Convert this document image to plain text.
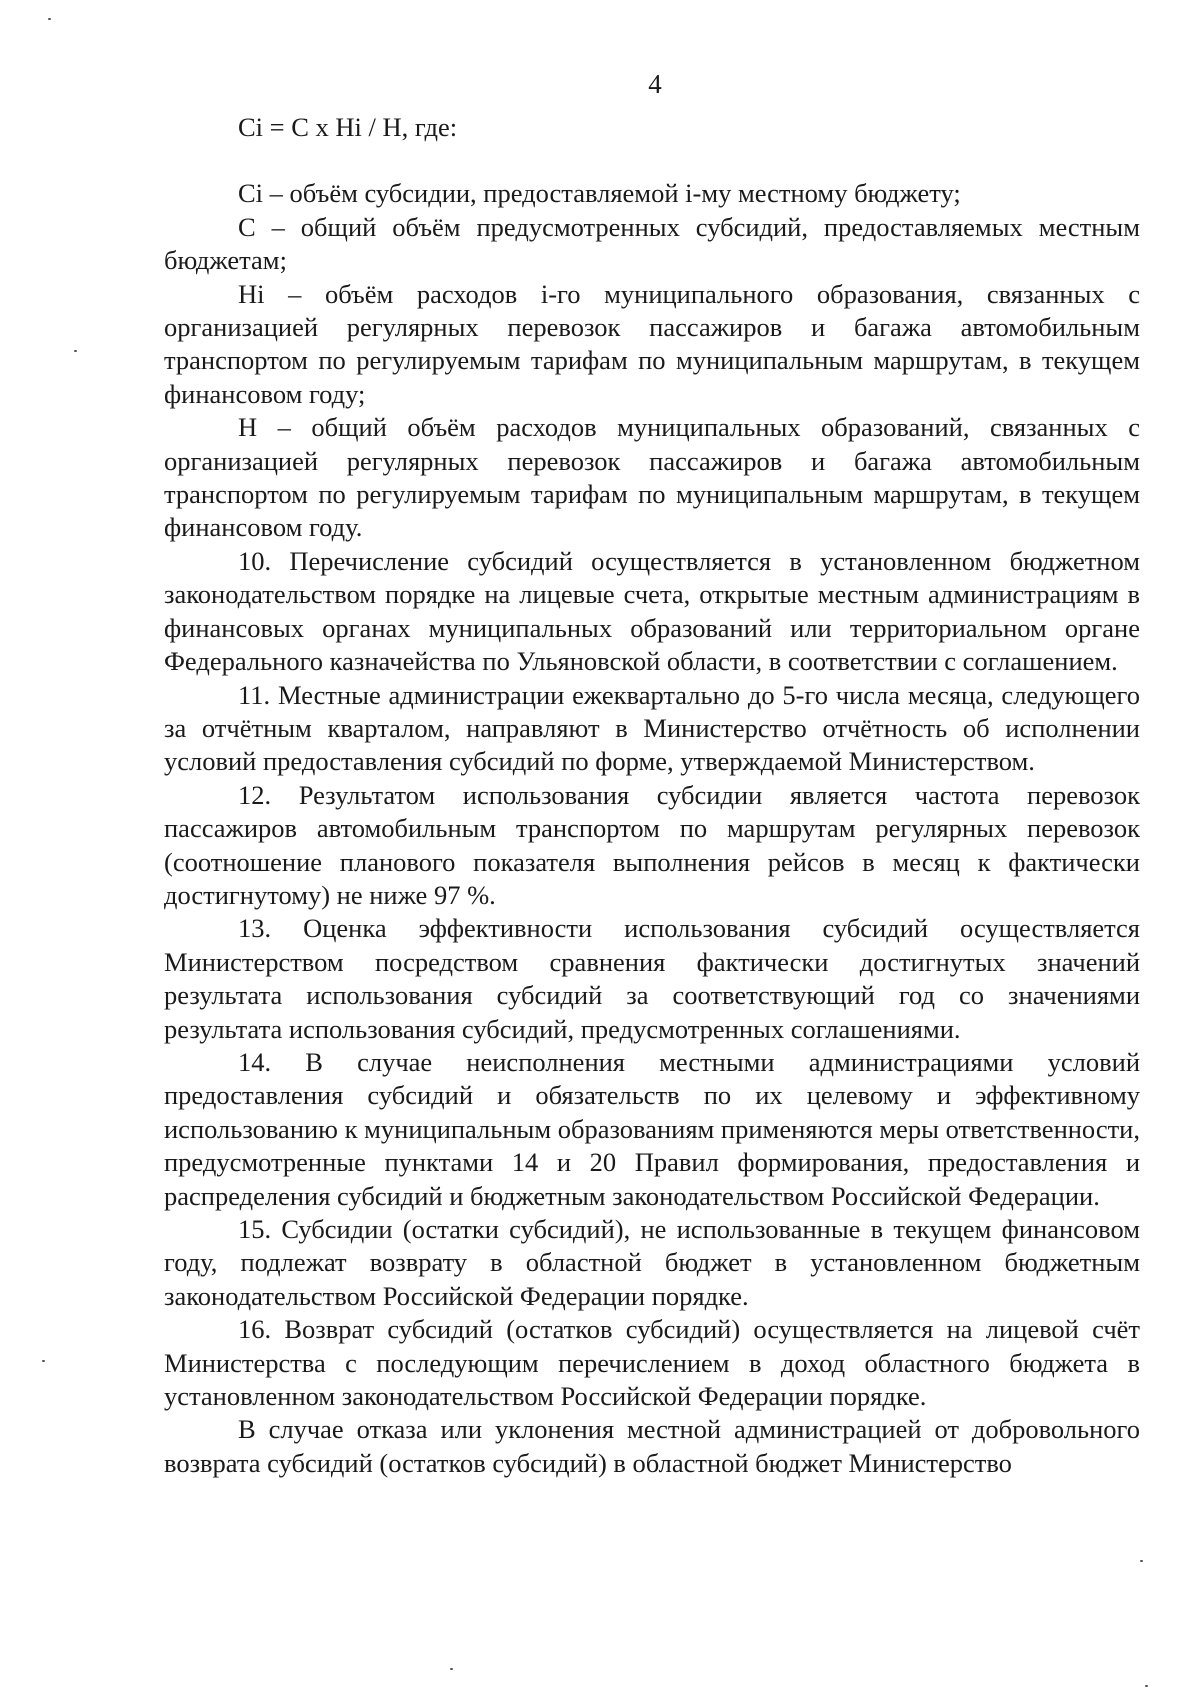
4

Ci = C x Hi / H, где:

Ci – объём субсидии, предоставляемой i-му местному бюджету;

С – общий объём предусмотренных субсидий, предоставляемых местным бюджетам;

Hi – объём расходов i-го муниципального образования, связанных с организацией регулярных перевозок пассажиров и багажа автомобильным транспортом по регулируемым тарифам по муниципальным маршрутам, в текущем финансовом году;

Н – общий объём расходов муниципальных образований, связанных с организацией регулярных перевозок пассажиров и багажа автомобильным транспортом по регулируемым тарифам по муниципальным маршрутам, в текущем финансовом году.

10. Перечисление субсидий осуществляется в установленном бюджетном законодательством порядке на лицевые счета, открытые местным администрациям в финансовых органах муниципальных образований или территориальном органе Федерального казначейства по Ульяновской области, в соответствии с соглашением.

11. Местные администрации ежеквартально до 5-го числа месяца, следующего за отчётным кварталом, направляют в Министерство отчётность об исполнении условий предоставления субсидий по форме, утверждаемой Министерством.

12. Результатом использования субсидии является частота перевозок пассажиров автомобильным транспортом по маршрутам регулярных перевозок (соотношение планового показателя выполнения рейсов в месяц к фактически достигнутому) не ниже 97 %.

13. Оценка эффективности использования субсидий осуществляется Министерством посредством сравнения фактически достигнутых значений результата использования субсидий за соответствующий год со значениями результата использования субсидий, предусмотренных соглашениями.

14. В случае неисполнения местными администрациями условий предоставления субсидий и обязательств по их целевому и эффективному использованию к муниципальным образованиям применяются меры ответственности, предусмотренные пунктами 14 и 20 Правил формирования, предоставления и распределения субсидий и бюджетным законодательством Российской Федерации.

15. Субсидии (остатки субсидий), не использованные в текущем финансовом году, подлежат возврату в областной бюджет в установленном бюджетным законодательством Российской Федерации порядке.

16. Возврат субсидий (остатков субсидий) осуществляется на лицевой счёт Министерства с последующим перечислением в доход областного бюджета в установленном законодательством Российской Федерации порядке.

В случае отказа или уклонения местной администрацией от добровольного возврата субсидий (остатков субсидий) в областной бюджет Министерство
